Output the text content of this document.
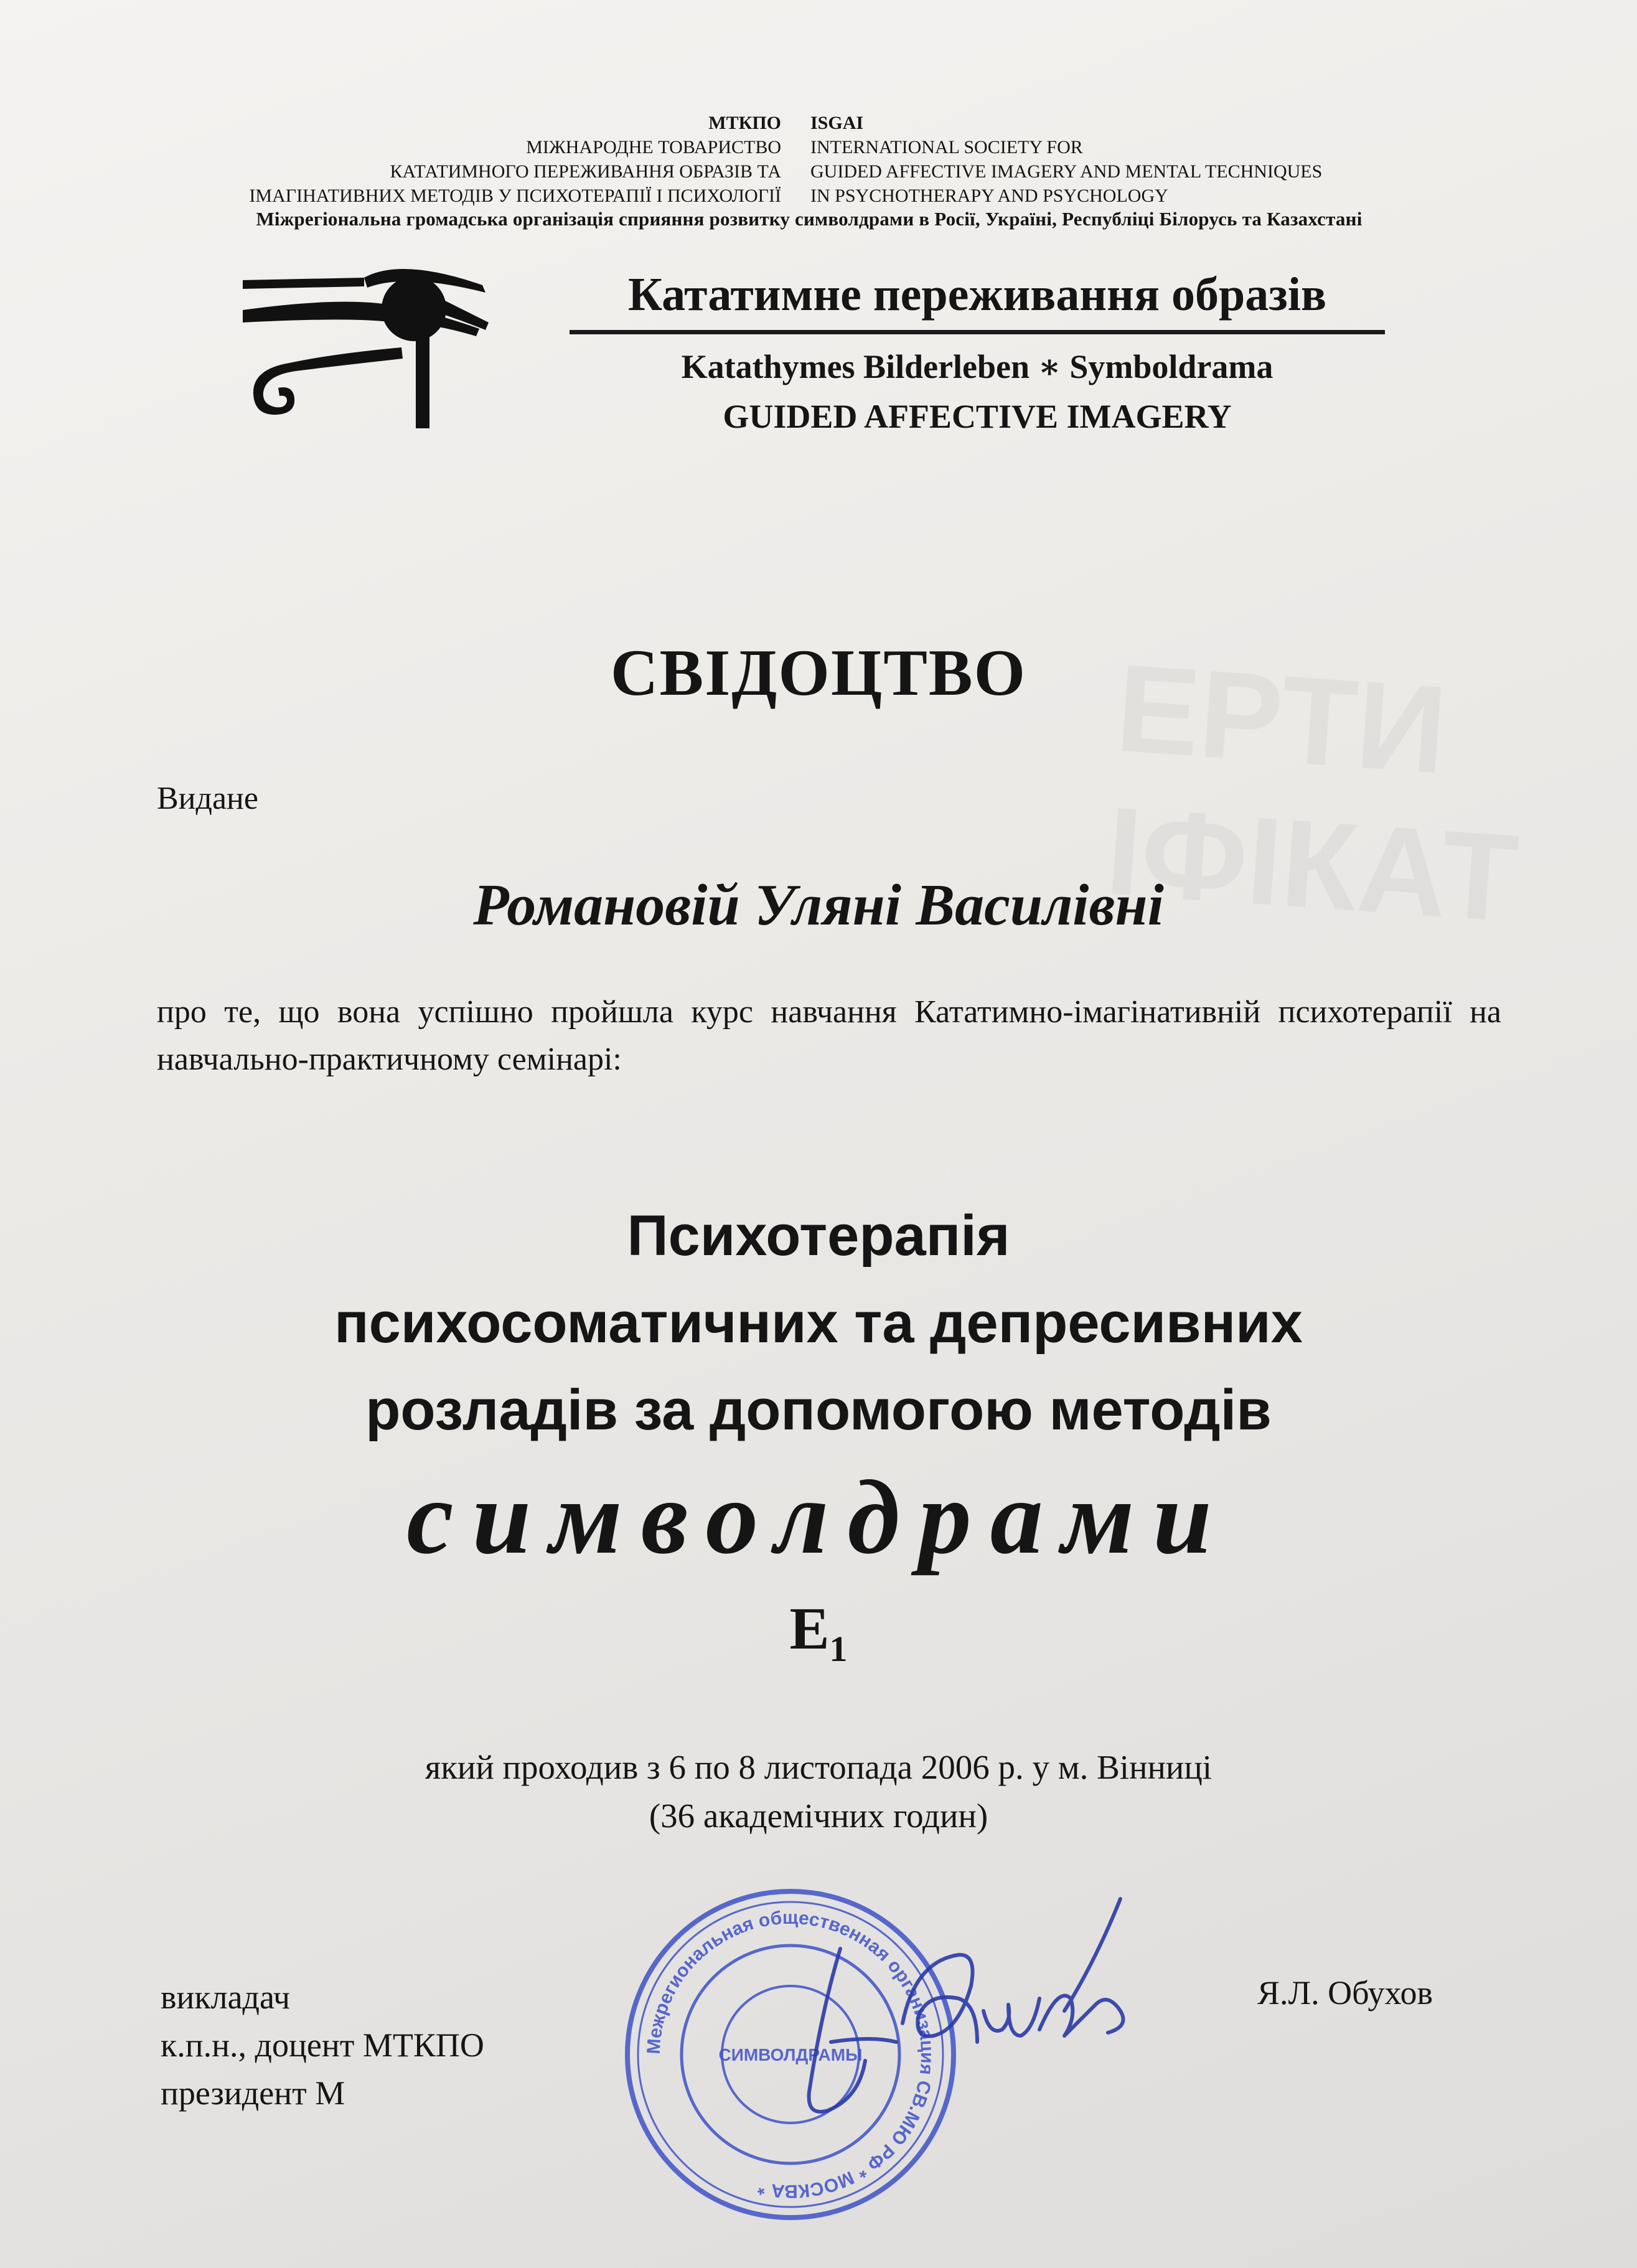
ЕРТИ
ІФІКАТ
МТКПО
МІЖНАРОДНЕ ТОВАРИСТВО
КАТАТИМНОГО ПЕРЕЖИВАННЯ ОБРАЗІВ ТА
ІМАГІНАТИВНИХ МЕТОДІВ У ПСИХОТЕРАПІЇ І ПСИХОЛОГІЇ
ISGAI
INTERNATIONAL SOCIETY FOR
GUIDED AFFECTIVE IMAGERY AND MENTAL TECHNIQUES
IN PSYCHOTHERAPY AND PSYCHOLOGY
Міжрегіональна громадська організація сприяння розвитку символдрами в Росії, Україні, Республіці Білорусь та Казахстані
Кататимне переживання образів
Katathymes Bilderleben ∗ Symboldrama
GUIDED AFFECTIVE IMAGERY
СВІДОЦТВО
Видане
Романовій Уляні Василівні
про те, що вона успішно пройшла курс навчання Кататимно-імагінативній психотерапії на навчально-практичному семінарі:
Психотерапія
психосоматичних та депресивних
розладів за допомогою методів
символдрами
$Е_1$
який проходив з 6 по 8 листопада 2006 р. у м. Вінниці
(36 академічних годин)
викладач
к.п.н., доцент МТКПО
президент М
Я.Л. Обухов
Межрегиональная общественная организация СВ.МЮ РФ * МОСКВА *
СИМВОЛДРАМЫ
